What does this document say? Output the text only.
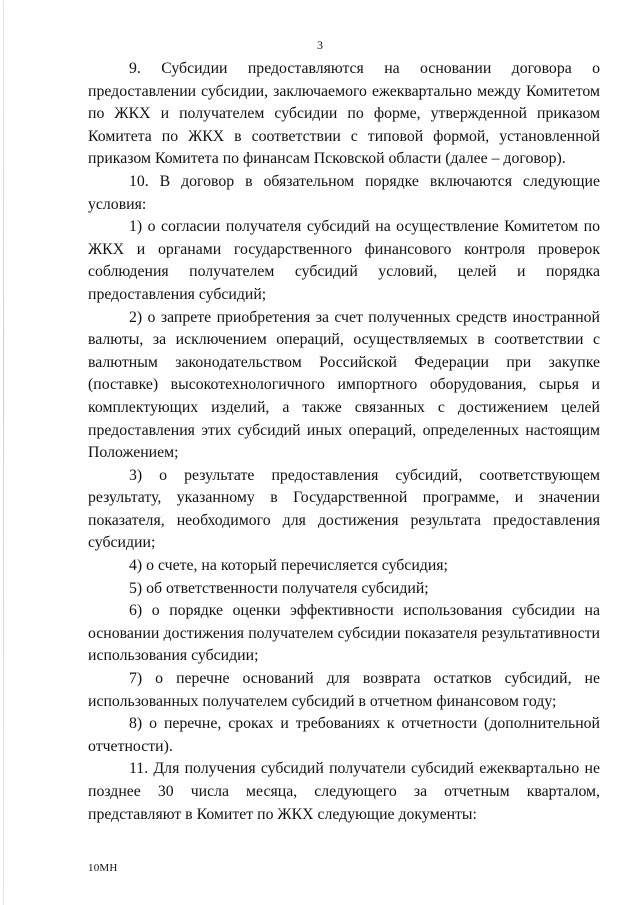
3

9. Субсидии предоставляются на основании договора о предоставлении субсидии, заключаемого ежеквартально между Комитетом по ЖКХ и получателем субсидии по форме, утвержденной приказом Комитета по ЖКХ в соответствии с типовой формой, установленной приказом Комитета по финансам Псковской области (далее – договор).

10. В договор в обязательном порядке включаются следующие условия:

1) о согласии получателя субсидий на осуществление Комитетом по ЖКХ и органами государственного финансового контроля проверок соблюдения получателем субсидий условий, целей и порядка предоставления субсидий;

2) о запрете приобретения за счет полученных средств иностранной валюты, за исключением операций, осуществляемых в соответствии с валютным законодательством Российской Федерации при закупке (поставке) высокотехнологичного импортного оборудования, сырья и комплектующих изделий, а также связанных с достижением целей предоставления этих субсидий иных операций, определенных настоящим Положением;

3) о результате предоставления субсидий, соответствующем результату, указанному в Государственной программе, и значении показателя, необходимого для достижения результата предоставления субсидии;

4) о счете, на который перечисляется субсидия;

5) об ответственности получателя субсидий;

6) о порядке оценки эффективности использования субсидии на основании достижения получателем субсидии показателя результативности использования субсидии;

7) о перечне оснований для возврата остатков субсидий, не использованных получателем субсидий в отчетном финансовом году;

8) о перечне, сроках и требованиях к отчетности (дополнительной отчетности).

11. Для получения субсидий получатели субсидий ежеквартально не позднее 30 числа месяца, следующего за отчетным кварталом, представляют в Комитет по ЖКХ следующие документы:

10МН
